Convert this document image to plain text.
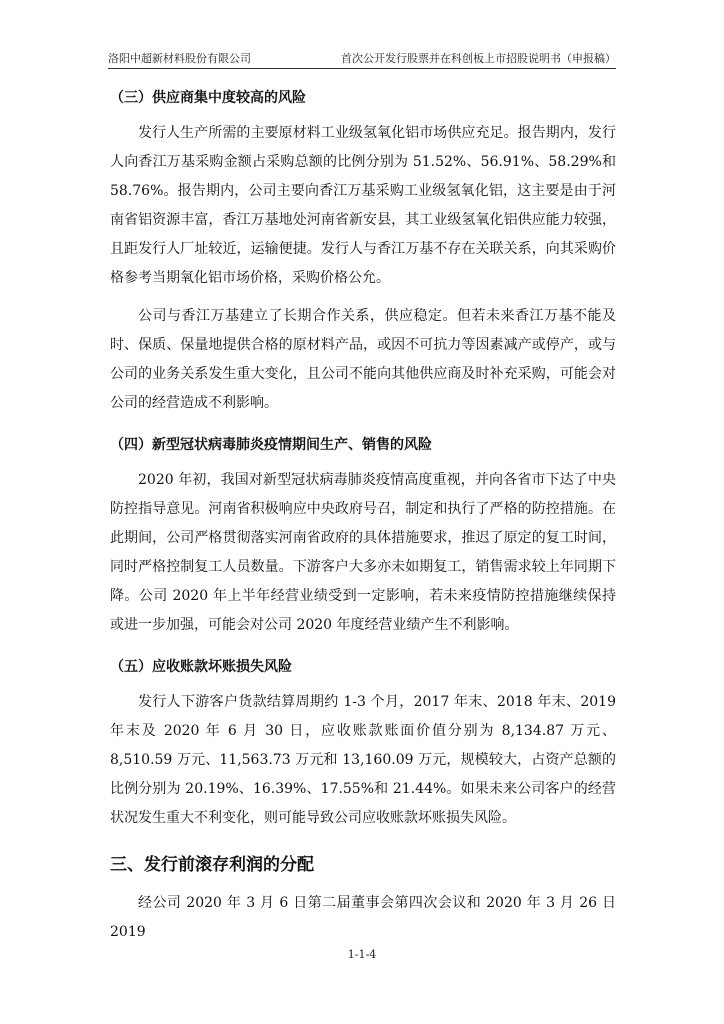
洛阳中超新材料股份有限公司	首次公开发行股票并在科创板上市招股说明书（申报稿）
（三）供应商集中度较高的风险

发行人生产所需的主要原材料工业级氢氧化铝市场供应充足。报告期内，发行人向香江万基采购金额占采购总额的比例分别为 51.52%、56.91%、58.29%和 58.76%。报告期内，公司主要向香江万基采购工业级氢氧化铝，这主要是由于河南省铝资源丰富，香江万基地处河南省新安县，其工业级氢氧化铝供应能力较强，且距发行人厂址较近，运输便捷。发行人与香江万基不存在关联关系，向其采购价格参考当期氧化铝市场价格，采购价格公允。

公司与香江万基建立了长期合作关系，供应稳定。但若未来香江万基不能及时、保质、保量地提供合格的原材料产品，或因不可抗力等因素减产或停产，或与公司的业务关系发生重大变化，且公司不能向其他供应商及时补充采购，可能会对公司的经营造成不利影响。

（四）新型冠状病毒肺炎疫情期间生产、销售的风险

2020 年初，我国对新型冠状病毒肺炎疫情高度重视，并向各省市下达了中央防控指导意见。河南省积极响应中央政府号召，制定和执行了严格的防控措施。在此期间，公司严格贯彻落实河南省政府的具体措施要求，推迟了原定的复工时间，同时严格控制复工人员数量。下游客户大多亦未如期复工，销售需求较上年同期下降。公司 2020 年上半年经营业绩受到一定影响，若未来疫情防控措施继续保持或进一步加强，可能会对公司 2020 年度经营业绩产生不利影响。

（五）应收账款坏账损失风险

发行人下游客户货款结算周期约 1-3 个月，2017 年末、2018 年末、2019 年末及 2020 年 6 月 30 日，应收账款账面价值分别为 8,134.87 万元、8,510.59 万元、11,563.73 万元和 13,160.09 万元，规模较大，占资产总额的比例分别为 20.19%、16.39%、17.55%和 21.44%。如果未来公司客户的经营状况发生重大不利变化，则可能导致公司应收账款坏账损失风险。

三、发行前滚存利润的分配

经公司 2020 年 3 月 6 日第二届董事会第四次会议和 2020 年 3 月 26 日 2019

1-1-4
